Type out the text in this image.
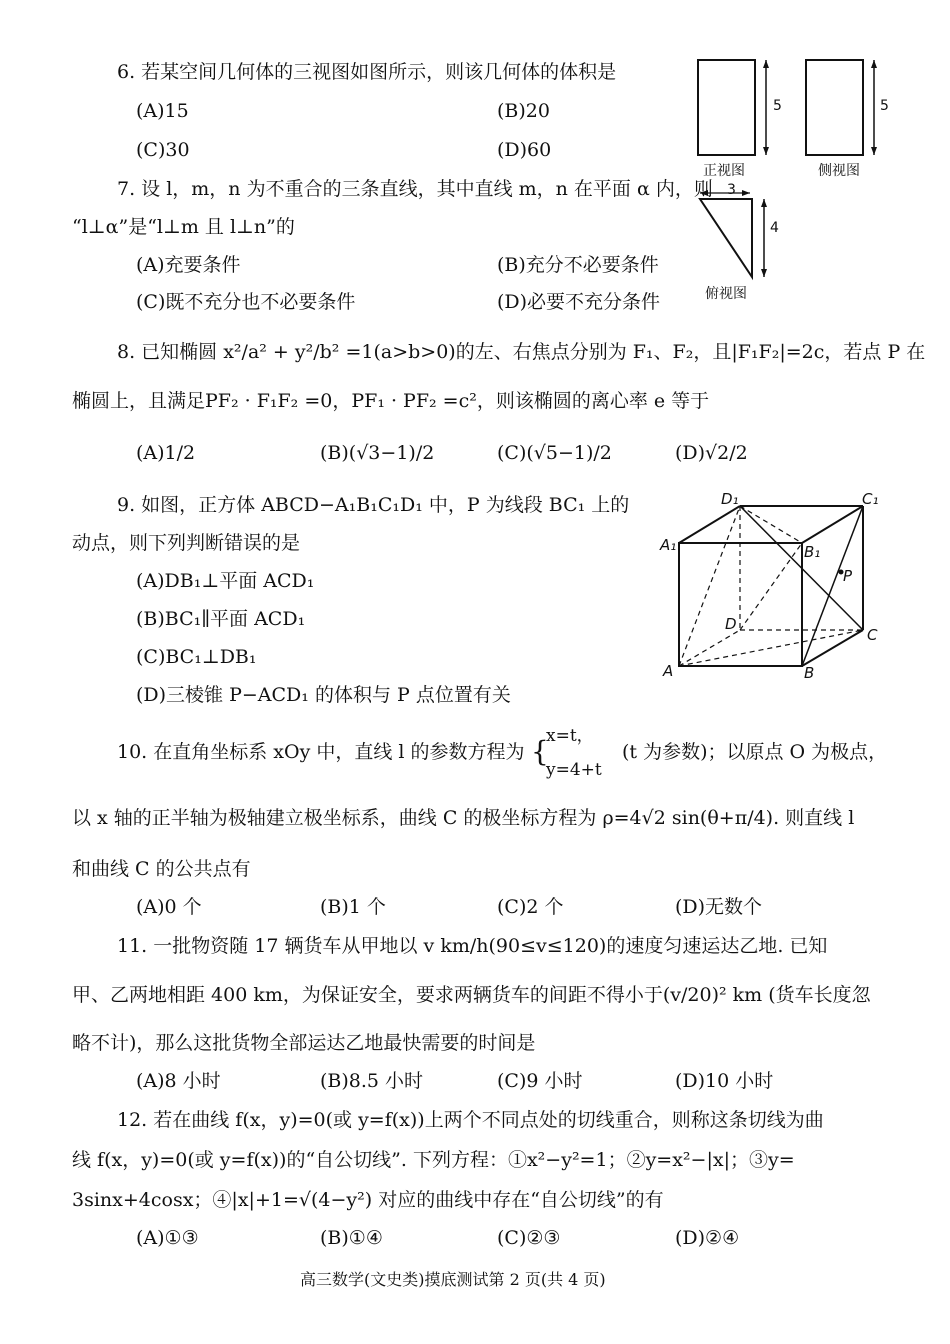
6. 若某空间几何体的三视图如图所示，则该几何体的体积是
(A)15	(B)20
(C)30	(D)60
5	5
3
4
正视图	侧视图
俯视图
7. 设 l，m，n 为不重合的三条直线，其中直线 m，n 在平面 α 内，则
“l⊥α”是“l⊥m 且 l⊥n”的
(A)充要条件	(B)充分不必要条件
(C)既不充分也不必要条件	(D)必要不充分条件
8. 已知椭圆 x²/a² + y²/b² =1(a>b>0)的左、右焦点分别为 F₁、F₂，且|F₁F₂|=2c，若点 P 在
椭圆上，且满足PF₂ · F₁F₂ =0，PF₁ · PF₂ =c²，则该椭圆的离心率 e 等于
(A)1/2	(B)(√3−1)/2	(C)(√5−1)/2	(D)√2/2
9. 如图，正方体 ABCD−A₁B₁C₁D₁ 中，P 为线段 BC₁ 上的
动点，则下列判断错误的是
(A)DB₁⊥平面 ACD₁
(B)BC₁∥平面 ACD₁
(C)BC₁⊥DB₁
(D)三棱锥 P−ACD₁ 的体积与 P 点位置有关
D₁	C₁
A₁	B₁
P
D
C
A	B
10. 在直角坐标系 xOy 中，直线 l 的参数方程为 {
x=t，
y=4+t
(t 为参数)；以原点 O 为极点，
以 x 轴的正半轴为极轴建立极坐标系，曲线 C 的极坐标方程为 ρ=4√2 sin(θ+π/4). 则直线 l
和曲线 C 的公共点有
(A)0 个	(B)1 个	(C)2 个	(D)无数个
11. 一批物资随 17 辆货车从甲地以 v km/h(90≤v≤120)的速度匀速运达乙地. 已知
甲、乙两地相距 400 km，为保证安全，要求两辆货车的间距不得小于(v/20)² km (货车长度忽
略不计)，那么这批货物全部运达乙地最快需要的时间是
(A)8 小时	(B)8.5 小时	(C)9 小时	(D)10 小时
12. 若在曲线 f(x，y)=0(或 y=f(x))上两个不同点处的切线重合，则称这条切线为曲
线 f(x，y)=0(或 y=f(x))的“自公切线”. 下列方程：①x²−y²=1；②y=x²−|x|；③y=
3sinx+4cosx；④|x|+1=√(4−y²) 对应的曲线中存在“自公切线”的有
(A)①③	(B)①④	(C)②③	(D)②④
高三数学(文史类)摸底测试第 2 页(共 4 页)
